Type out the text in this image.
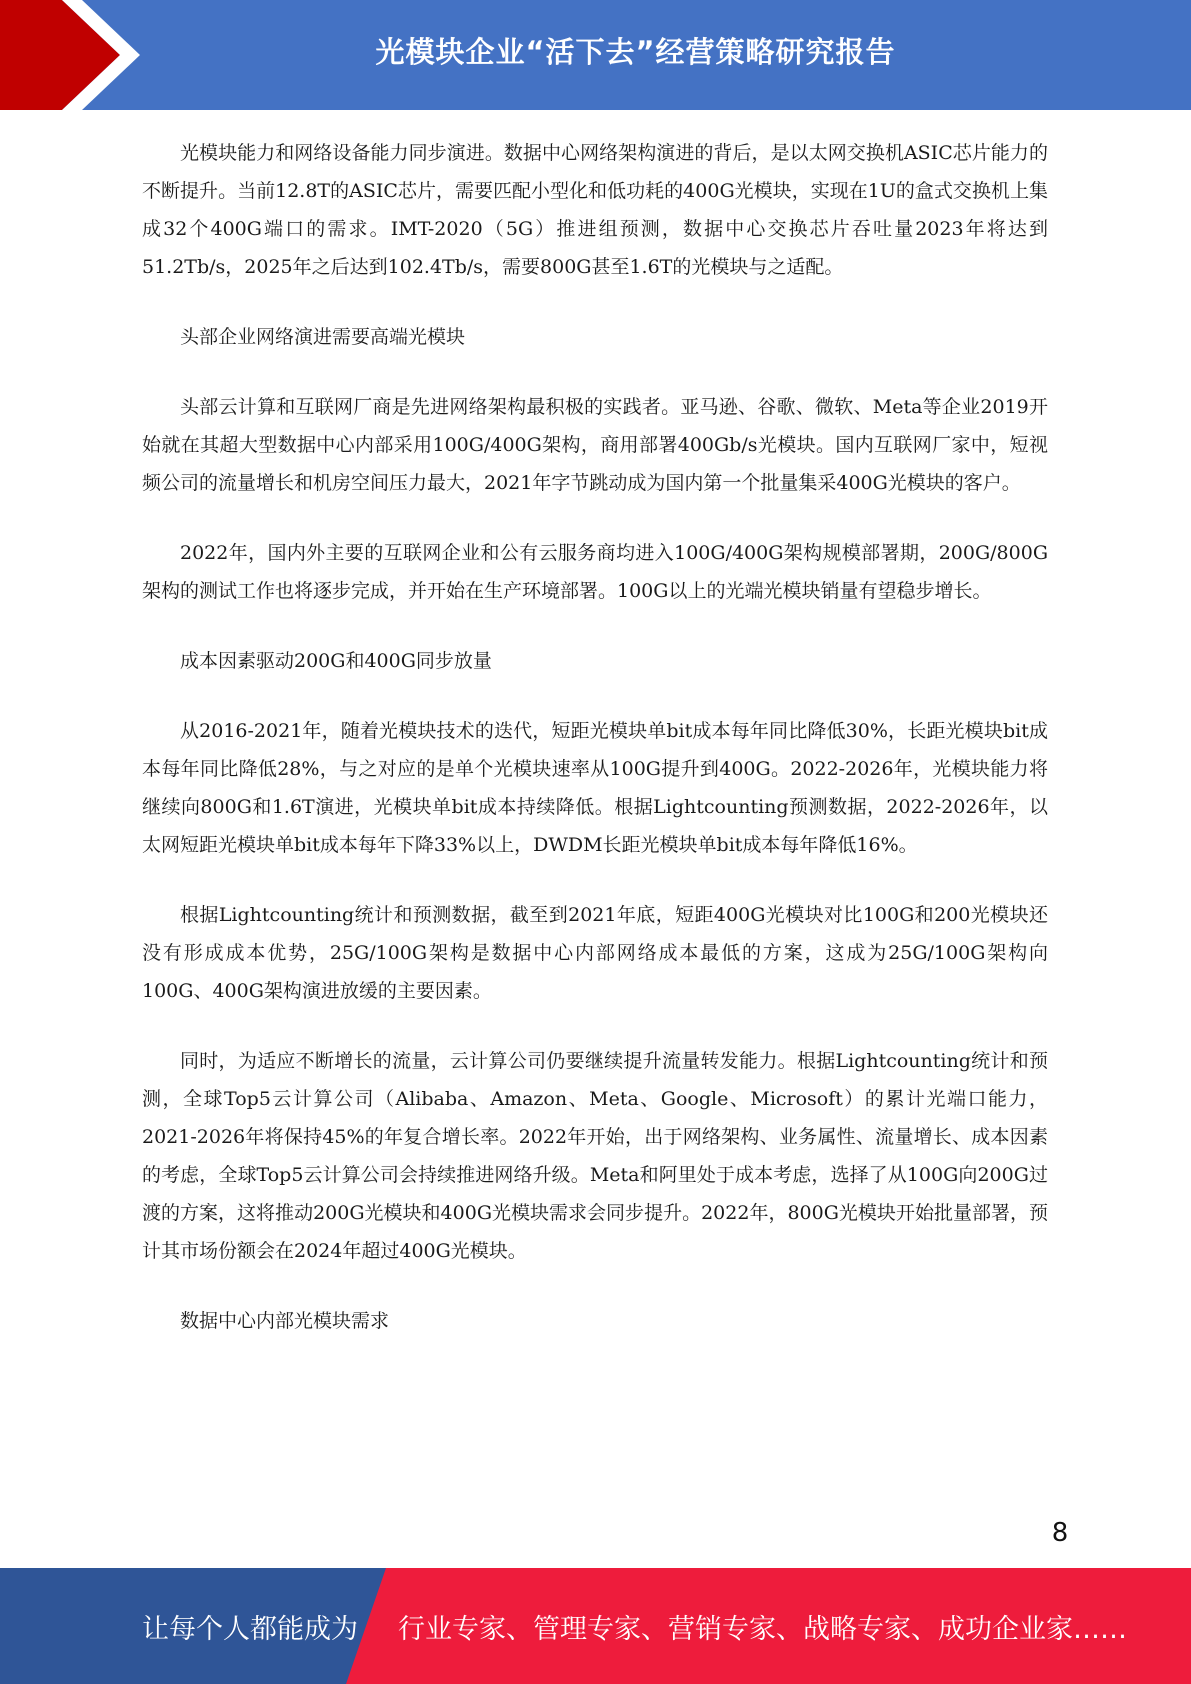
光模块企业“活下去”经营策略研究报告

光模块能力和网络设备能力同步演进。数据中心网络架构演进的背后，是以太网交换机ASIC芯片能力的不断提升。当前12.8T的ASIC芯片，需要匹配小型化和低功耗的400G光模块，实现在1U的盒式交换机上集成32个400G端口的需求。IMT-2020（5G）推进组预测，数据中心交换芯片吞吐量2023年将达到51.2Tb/s，2025年之后达到102.4Tb/s，需要800G甚至1.6T的光模块与之适配。

头部企业网络演进需要高端光模块

头部云计算和互联网厂商是先进网络架构最积极的实践者。亚马逊、谷歌、微软、Meta等企业2019开始就在其超大型数据中心内部采用100G/400G架构，商用部署400Gb/s光模块。国内互联网厂家中，短视频公司的流量增长和机房空间压力最大，2021年字节跳动成为国内第一个批量集采400G光模块的客户。

2022年，国内外主要的互联网企业和公有云服务商均进入100G/400G架构规模部署期，200G/800G架构的测试工作也将逐步完成，并开始在生产环境部署。100G以上的光端光模块销量有望稳步增长。

成本因素驱动200G和400G同步放量

从2016-2021年，随着光模块技术的迭代，短距光模块单bit成本每年同比降低30%，长距光模块bit成本每年同比降低28%，与之对应的是单个光模块速率从100G提升到400G。2022-2026年，光模块能力将继续向800G和1.6T演进，光模块单bit成本持续降低。根据Lightcounting预测数据，2022-2026年，以太网短距光模块单bit成本每年下降33%以上，DWDM长距光模块单bit成本每年降低16%。

根据Lightcounting统计和预测数据，截至到2021年底，短距400G光模块对比100G和200光模块还没有形成成本优势，25G/100G架构是数据中心内部网络成本最低的方案，这成为25G/100G架构向100G、400G架构演进放缓的主要因素。

同时，为适应不断增长的流量，云计算公司仍要继续提升流量转发能力。根据Lightcounting统计和预测，全球Top5云计算公司（Alibaba、Amazon、Meta、Google、Microsoft）的累计光端口能力，2021-2026年将保持45%的年复合增长率。2022年开始，出于网络架构、业务属性、流量增长、成本因素的考虑，全球Top5云计算公司会持续推进网络升级。Meta和阿里处于成本考虑，选择了从100G向200G过渡的方案，这将推动200G光模块和400G光模块需求会同步提升。2022年，800G光模块开始批量部署，预计其市场份额会在2024年超过400G光模块。

数据中心内部光模块需求

8
让每个人都能成为 行业专家、管理专家、营销专家、战略专家、成功企业家……
